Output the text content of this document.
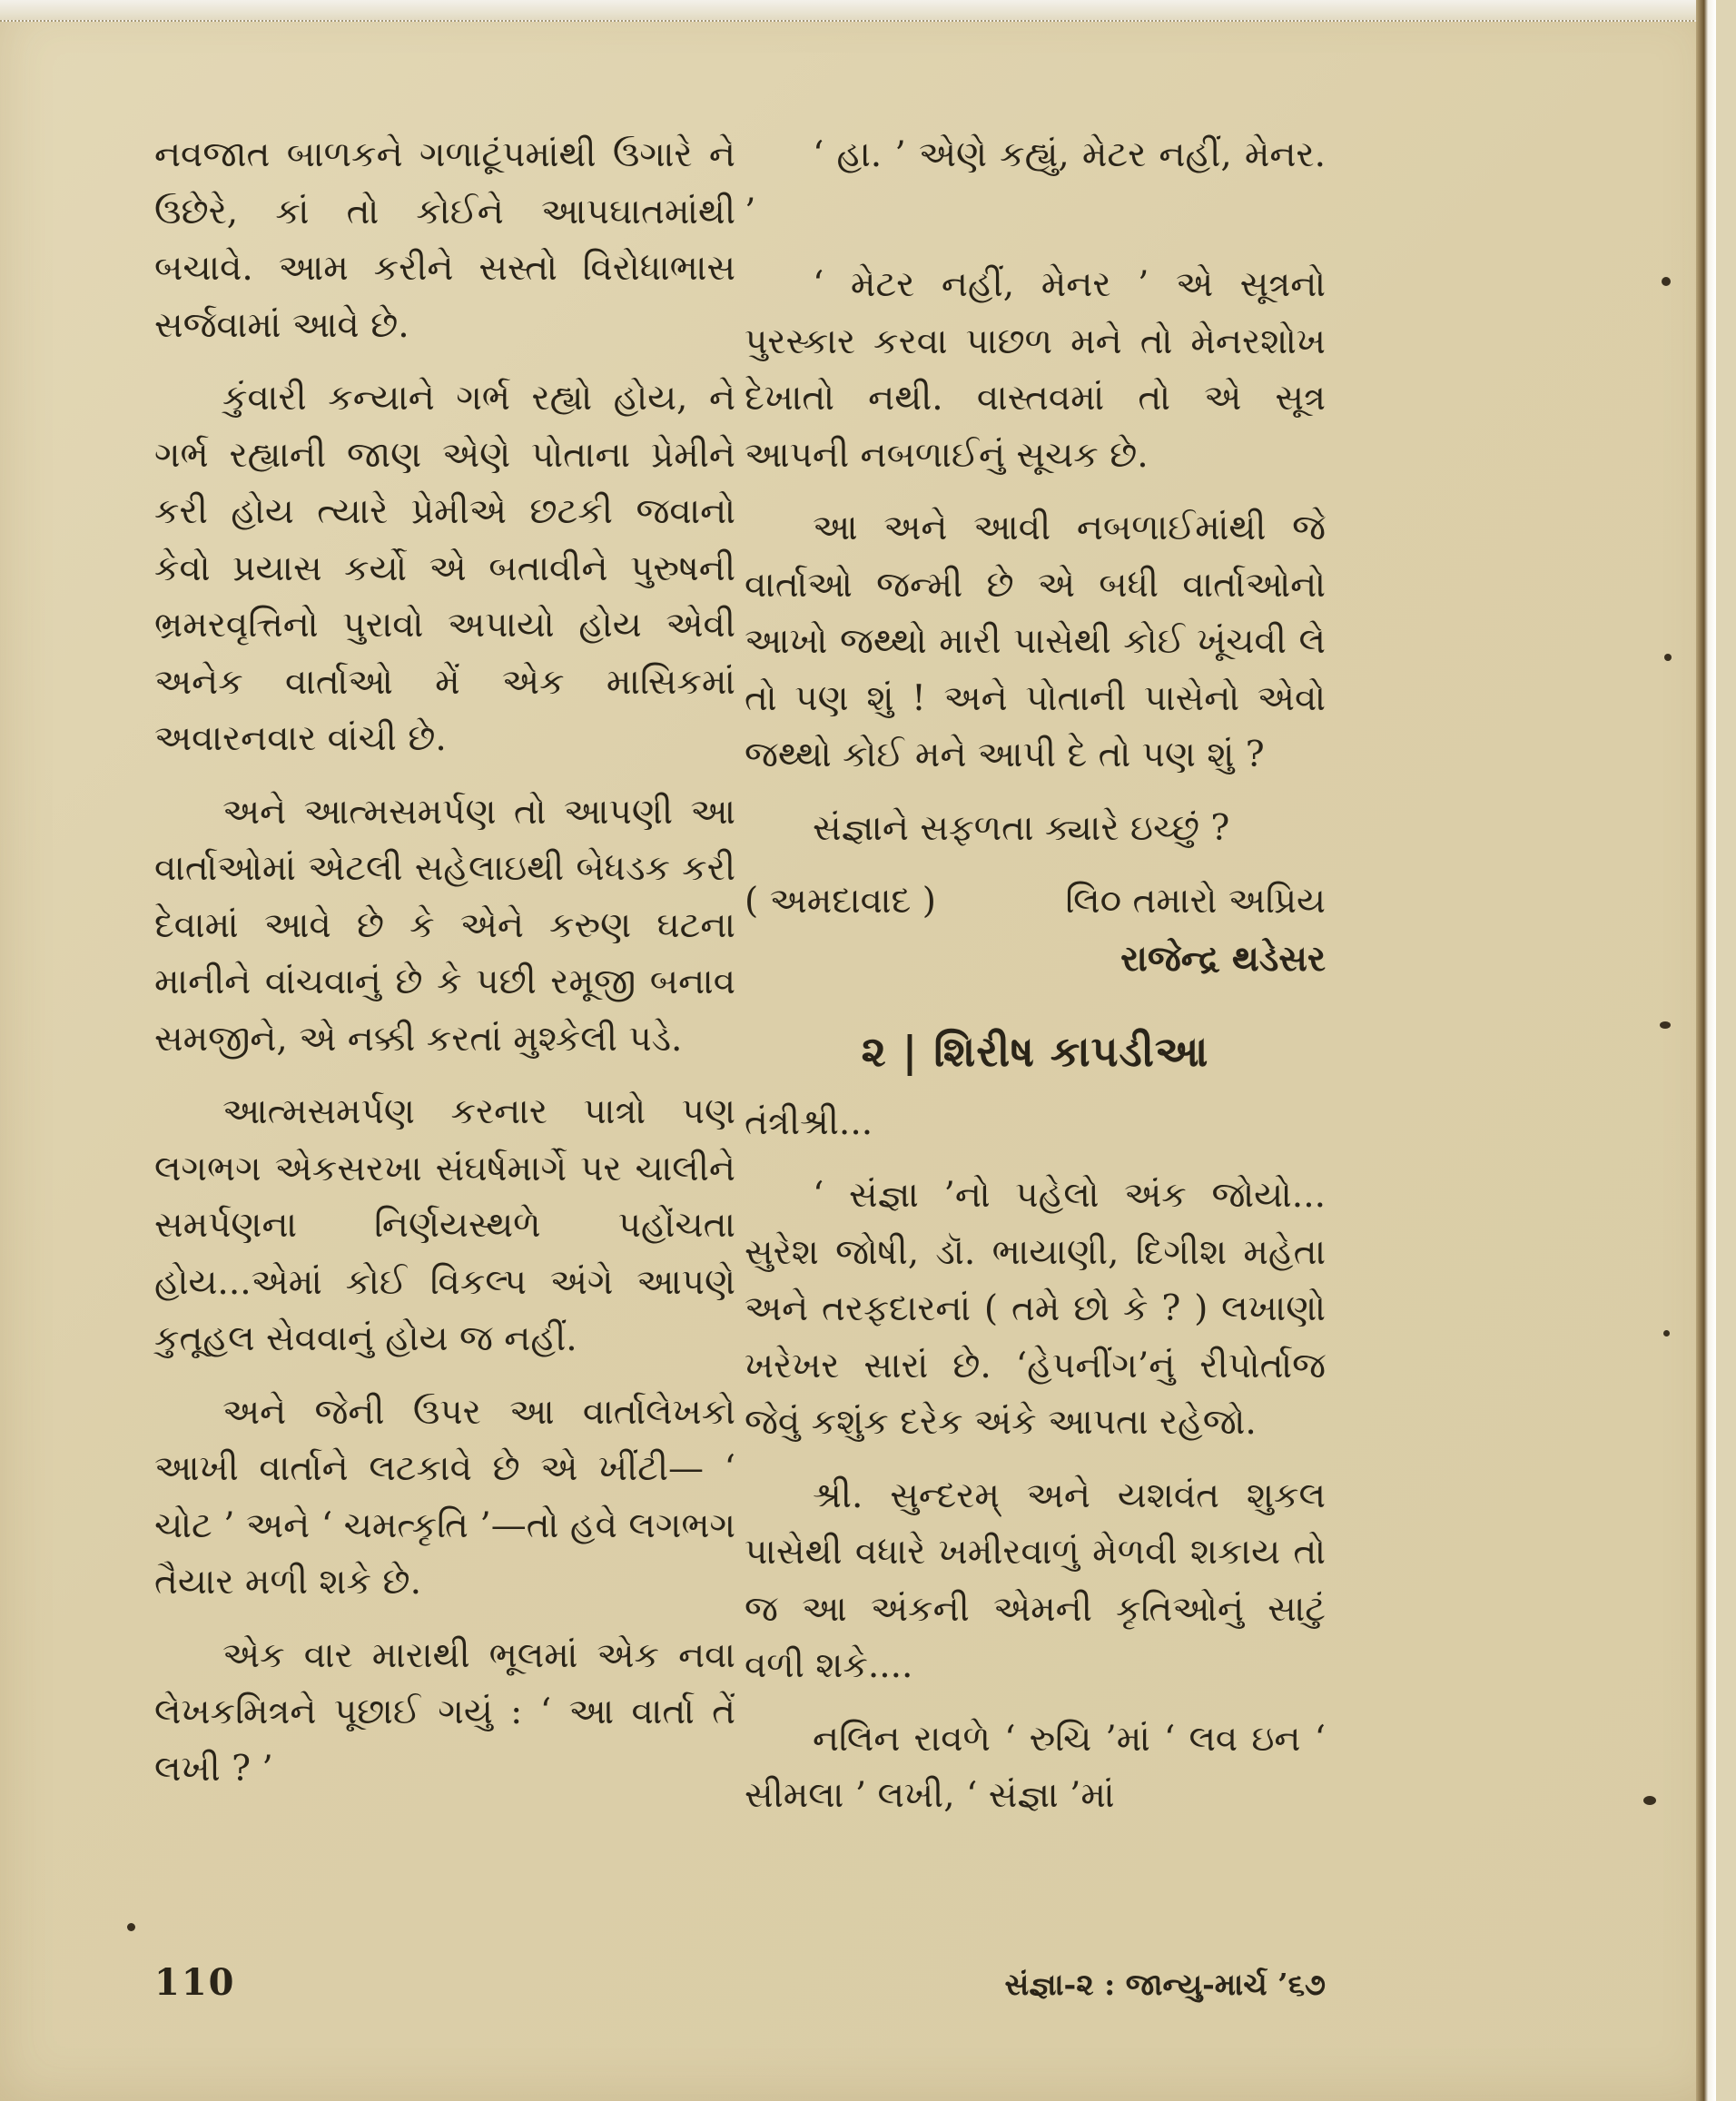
નવજાત બાળકને ગળાટૂંપમાંથી ઉગારે ને ઉછેરે, કાં તો કોઈને આપઘાતમાંથી બચાવે. આમ કરીને સસ્તો વિરોધાભાસ સર્જવામાં આવે છે.

કુંવારી કન્યાને ગર્ભ રહ્યો હોય, ને ગર્ભ રહ્યાની જાણ એણે પોતાના પ્રેમીને કરી હોય ત્યારે પ્રેમીએ છટકી જવાનો કેવો પ્રયાસ કર્યો એ બતાવીને પુરુષની ભ્રમરવૃત્તિનો પુરાવો અપાયો હોય એવી અનેક વાર્તાઓ મેં એક માસિકમાં અવારનવાર વાંચી છે.

અને આત્મસમર્પણ તો આપણી આ વાર્તાઓમાં એટલી સહેલાઇથી બેધડક કરી દેવામાં આવે છે કે એને કરુણ ઘટના માનીને વાંચવાનું છે કે પછી રમૂજી બનાવ સમજીને, એ નક્કી કરતાં મુશ્કેલી પડે.

આત્મસમર્પણ કરનાર પાત્રો પણ લગભગ એકસરખા સંઘર્ષમાર્ગે પર ચાલીને સમર્પણના નિર્ણયસ્થળે પહોંચતા હોય...એમાં કોઈ વિકલ્પ અંગે આપણે કુતૂહલ સેવવાનું હોય જ નહીં.

અને જેની ઉપર આ વાર્તાલેખકો આખી વાર્તાને લટકાવે છે એ ખીંટી— ‘ ચોટ ’ અને ‘ ચમત્કૃતિ ’—તો હવે લગભગ તૈયાર મળી શકે છે.

એક વાર મારાથી ભૂલમાં એક નવા લેખકમિત્રને પૂછાઈ ગયું : ‘ આ વાર્તા તેં લખી ? ’

‘ હા. ’ એણે કહ્યું, મેટર નહીં, મેનર. ’

‘ મેટર નહીં, મેનર ’ એ સૂત્રનો પુરસ્કાર કરવા પાછળ મને તો મેનરશોખ દેખાતો નથી. વાસ્તવમાં તો એ સૂત્ર આપની નબળાઈનું સૂચક છે.

આ અને આવી નબળાઈમાંથી જે વાર્તાઓ જન્મી છે એ બધી વાર્તાઓનો આખો જથ્થો મારી પાસેથી કોઈ ખૂંચવી લે તો પણ શું ! અને પોતાની પાસેનો એવો જથ્થો કોઈ મને આપી દે તો પણ શું ?

સંજ્ઞાને સફળતા ક્યારે ઇચ્છું ?

( અમદાવાદ )	લિ૦ તમારો અપ્રિય

રાજેન્દ્ર થડેસર

૨ | શિરીષ કાપડીઆ

તંત્રીશ્રી...

‘ સંજ્ઞા ’નો પહેલો અંક જોયો... સુરેશ જોષી, ડૉ. ભાયાણી, દિગીશ મહેતા અને તરફદારનાં ( તમે છો કે ? ) લખાણો ખરેખર સારાં છે. ‘હેપનીંગ’નું રીપોર્તાજ જેવું કશુંક દરેક અંકે આપતા રહેજો.

શ્રી. સુન્દરમ્ અને યશવંત શુકલ પાસેથી વધારે ખમીરવાળું મેળવી શકાય તો જ આ અંકની એમની કૃતિઓનું સાટું વળી શકે....

નલિન રાવળે ‘ રુચિ ’માં ‘ લવ ઇન ‘ સીમલા ’ લખી, ‘ સંજ્ઞા ’માં

110	સંજ્ઞા-૨ : જાન્યુ-માર્ચ ’૬૭
